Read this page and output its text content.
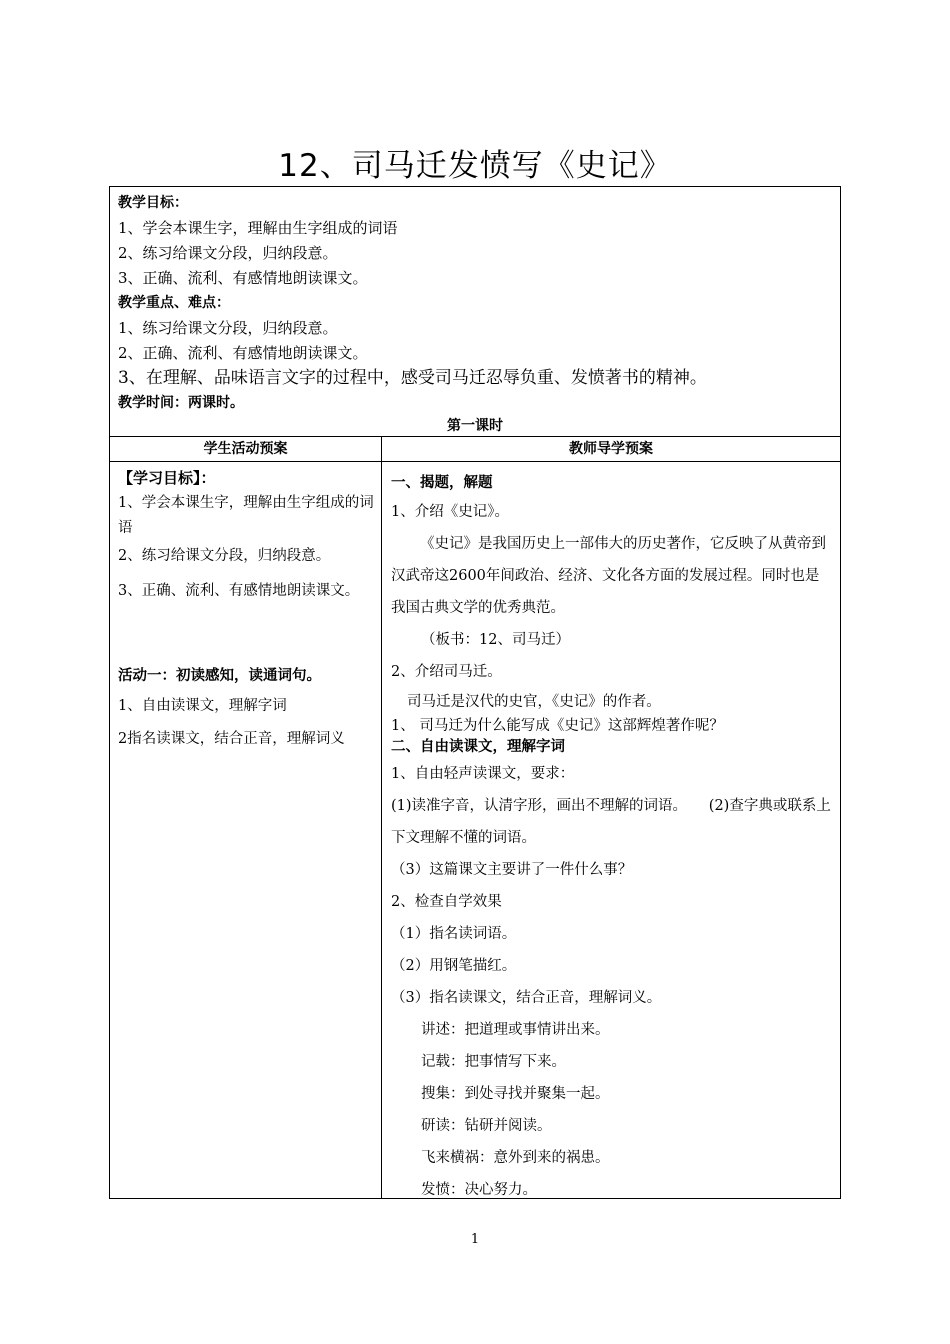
12、司马迁发愤写《史记》
教学目标：
1、学会本课生字，理解由生字组成的词语
2、练习给课文分段，归纳段意。
3、正确、流利、有感情地朗读课文。
教学重点、难点：
1、练习给课文分段，归纳段意。
2、正确、流利、有感情地朗读课文。
3、在理解、品味语言文字的过程中，感受司马迁忍辱负重、发愤著书的精神。
教学时间：两课时。
第一课时
学生活动预案	教师导学预案
【学习目标】：
1、学会本课生字，理解由生字组成的词语
2、练习给课文分段，归纳段意。
3、正确、流利、有感情地朗读课文。
活动一：初读感知，读通词句。
1、自由读课文，理解字词
2指名读课文，结合正音，理解词义
一、揭题，解题
1、介绍《史记》。
《史记》是我国历史上一部伟大的历史著作，它反映了从黄帝到汉武帝这2600年间政治、经济、文化各方面的发展过程。同时也是我国古典文学的优秀典范。
（板书：12、司马迁）
2、介绍司马迁。
司马迁是汉代的史官，《史记》的作者。
1、 司马迁为什么能写成《史记》这部辉煌著作呢？
二、自由读课文，理解字词
1、自由轻声读课文，要求：
(1)读准字音，认清字形，画出不理解的词语。　　(2)查字典或联系上下文理解不懂的词语。
（3）这篇课文主要讲了一件什么事？
2、检查自学效果
（1）指名读词语。
（2）用钢笔描红。
（3）指名读课文，结合正音，理解词义。
讲述：把道理或事情讲出来。
记载：把事情写下来。
搜集：到处寻找并聚集一起。
研读：钻研并阅读。
飞来横祸：意外到来的祸患。
发愤：决心努力。
1
